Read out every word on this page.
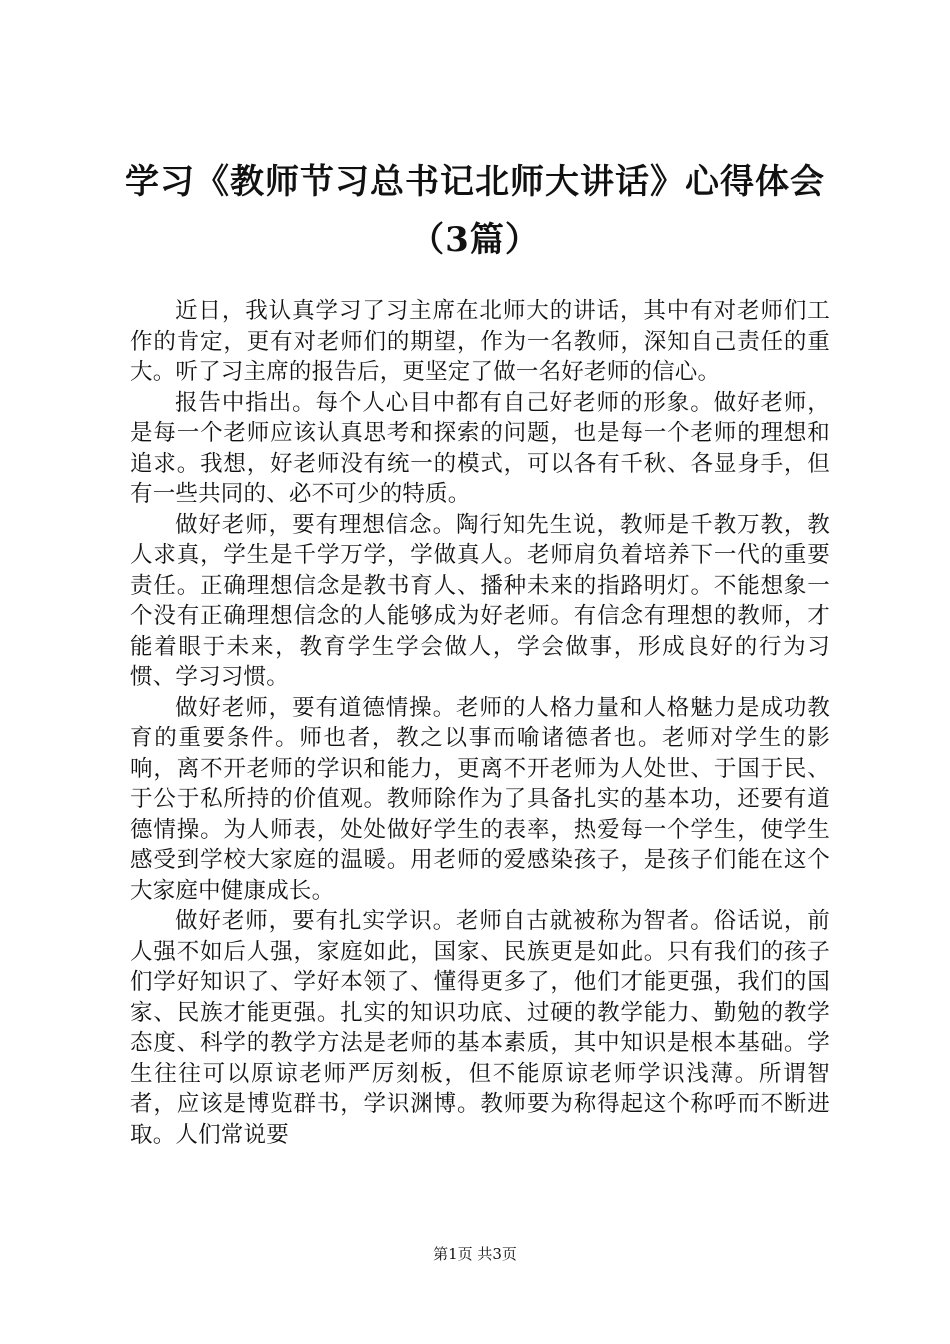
学习《教师节习总书记北师大讲话》心得体会
（3篇）

近日，我认真学习了习主席在北师大的讲话，其中有对老师们工作的肯定，更有对老师们的期望，作为一名教师，深知自己责任的重大。听了习主席的报告后，更坚定了做一名好老师的信心。

报告中指出。每个人心目中都有自己好老师的形象。做好老师，是每一个老师应该认真思考和探索的问题，也是每一个老师的理想和追求。我想，好老师没有统一的模式，可以各有千秋、各显身手，但有一些共同的、必不可少的特质。

做好老师，要有理想信念。陶行知先生说，教师是千教万教，教人求真，学生是千学万学，学做真人。老师肩负着培养下一代的重要责任。正确理想信念是教书育人、播种未来的指路明灯。不能想象一个没有正确理想信念的人能够成为好老师。有信念有理想的教师，才能着眼于未来，教育学生学会做人，学会做事，形成良好的行为习惯、学习习惯。

做好老师，要有道德情操。老师的人格力量和人格魅力是成功教育的重要条件。师也者，教之以事而喻诸德者也。老师对学生的影响，离不开老师的学识和能力，更离不开老师为人处世、于国于民、于公于私所持的价值观。教师除作为了具备扎实的基本功，还要有道德情操。为人师表，处处做好学生的表率，热爱每一个学生，使学生感受到学校大家庭的温暖。用老师的爱感染孩子，是孩子们能在这个大家庭中健康成长。

做好老师，要有扎实学识。老师自古就被称为智者。俗话说，前人强不如后人强，家庭如此，国家、民族更是如此。只有我们的孩子们学好知识了、学好本领了、懂得更多了，他们才能更强，我们的国家、民族才能更强。扎实的知识功底、过硬的教学能力、勤勉的教学态度、科学的教学方法是老师的基本素质，其中知识是根本基础。学生往往可以原谅老师严厉刻板，但不能原谅老师学识浅薄。所谓智者，应该是博览群书，学识渊博。教师要为称得起这个称呼而不断进取。人们常说要

第1页 共3页
